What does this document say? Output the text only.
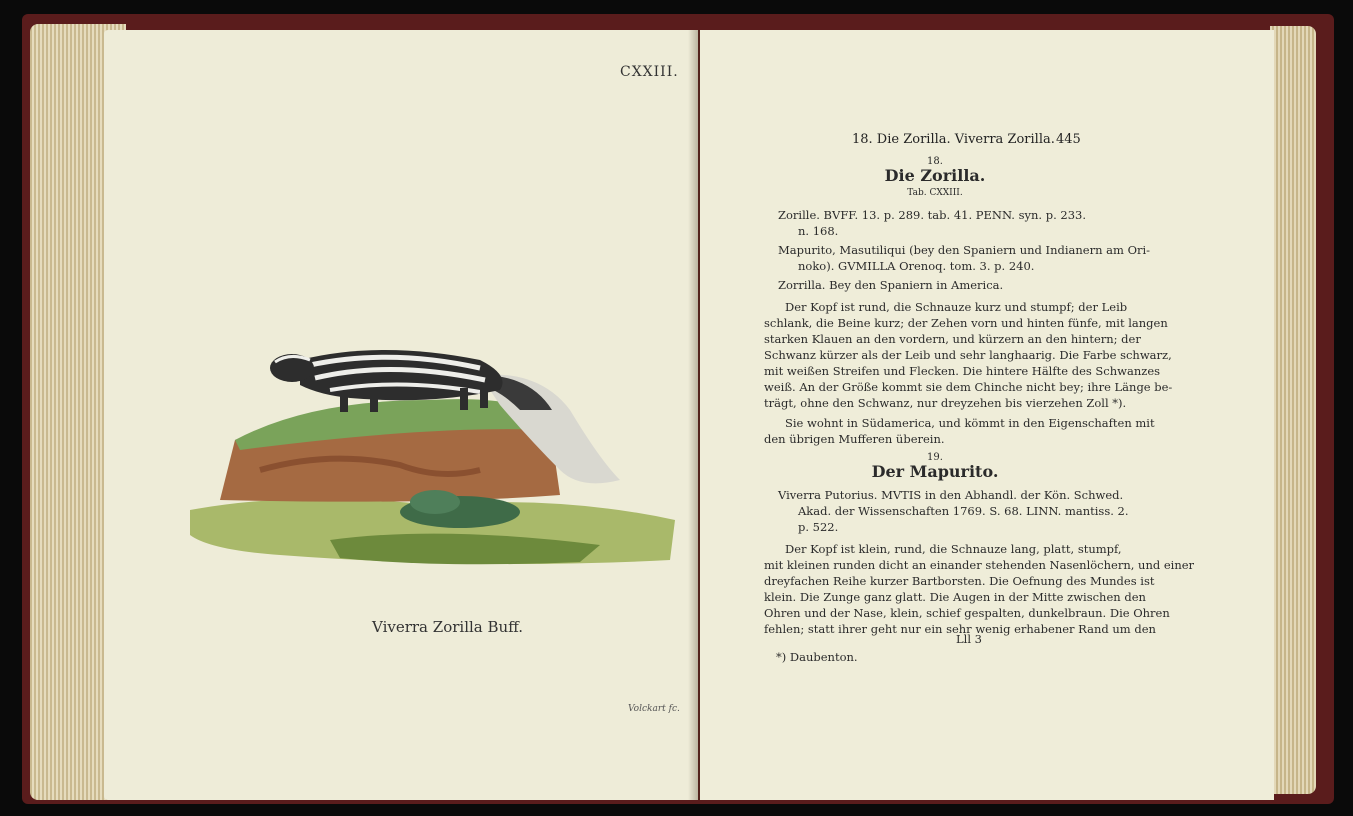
CXXIII.
Viverra Zorilla Buff.
Volckart fc.
18. Die Zorilla. Viverra Zorilla. 445
18.
Die Zorilla.
Tab. CXXIII.
Zorille. BVFF. 13. p. 289. tab. 41. PENN. syn. p. 233.
n. 168.
Mapurito, Masutiliqui (bey den Spaniern und Indianern am Ori-
noko). GVMILLA Orenoq. tom. 3. p. 240.
Zorrilla. Bey den Spaniern in America.
Der Kopf ist rund, die Schnauze kurz und stumpf; der Leib
schlank, die Beine kurz; der Zehen vorn und hinten fünfe, mit langen
starken Klauen an den vordern, und kürzern an den hintern; der
Schwanz kürzer als der Leib und sehr langhaarig. Die Farbe schwarz,
mit weißen Streifen und Flecken. Die hintere Hälfte des Schwanzes
weiß. An der Größe kommt sie dem Chinche nicht bey; ihre Länge be-
trägt, ohne den Schwanz, nur dreyzehen bis vierzehen Zoll *).
Sie wohnt in Südamerica, und kömmt in den Eigenschaften mit
den übrigen Mufferen überein.
19.
Der Mapurito.
Viverra Putorius. MVTIS in den Abhandl. der Kön. Schwed.
Akad. der Wissenschaften 1769. S. 68. LINN. mantiss. 2.
p. 522.
Der Kopf ist klein, rund, die Schnauze lang, platt, stumpf,
mit kleinen runden dicht an einander stehenden Nasenlöchern, und einer
dreyfachen Reihe kurzer Bartborsten. Die Oefnung des Mundes ist
klein. Die Zunge ganz glatt. Die Augen in der Mitte zwischen den
Ohren und der Nase, klein, schief gespalten, dunkelbraun. Die Ohren
fehlen; statt ihrer geht nur ein sehr wenig erhabener Rand um den
Lll 3
*) Daubenton.
